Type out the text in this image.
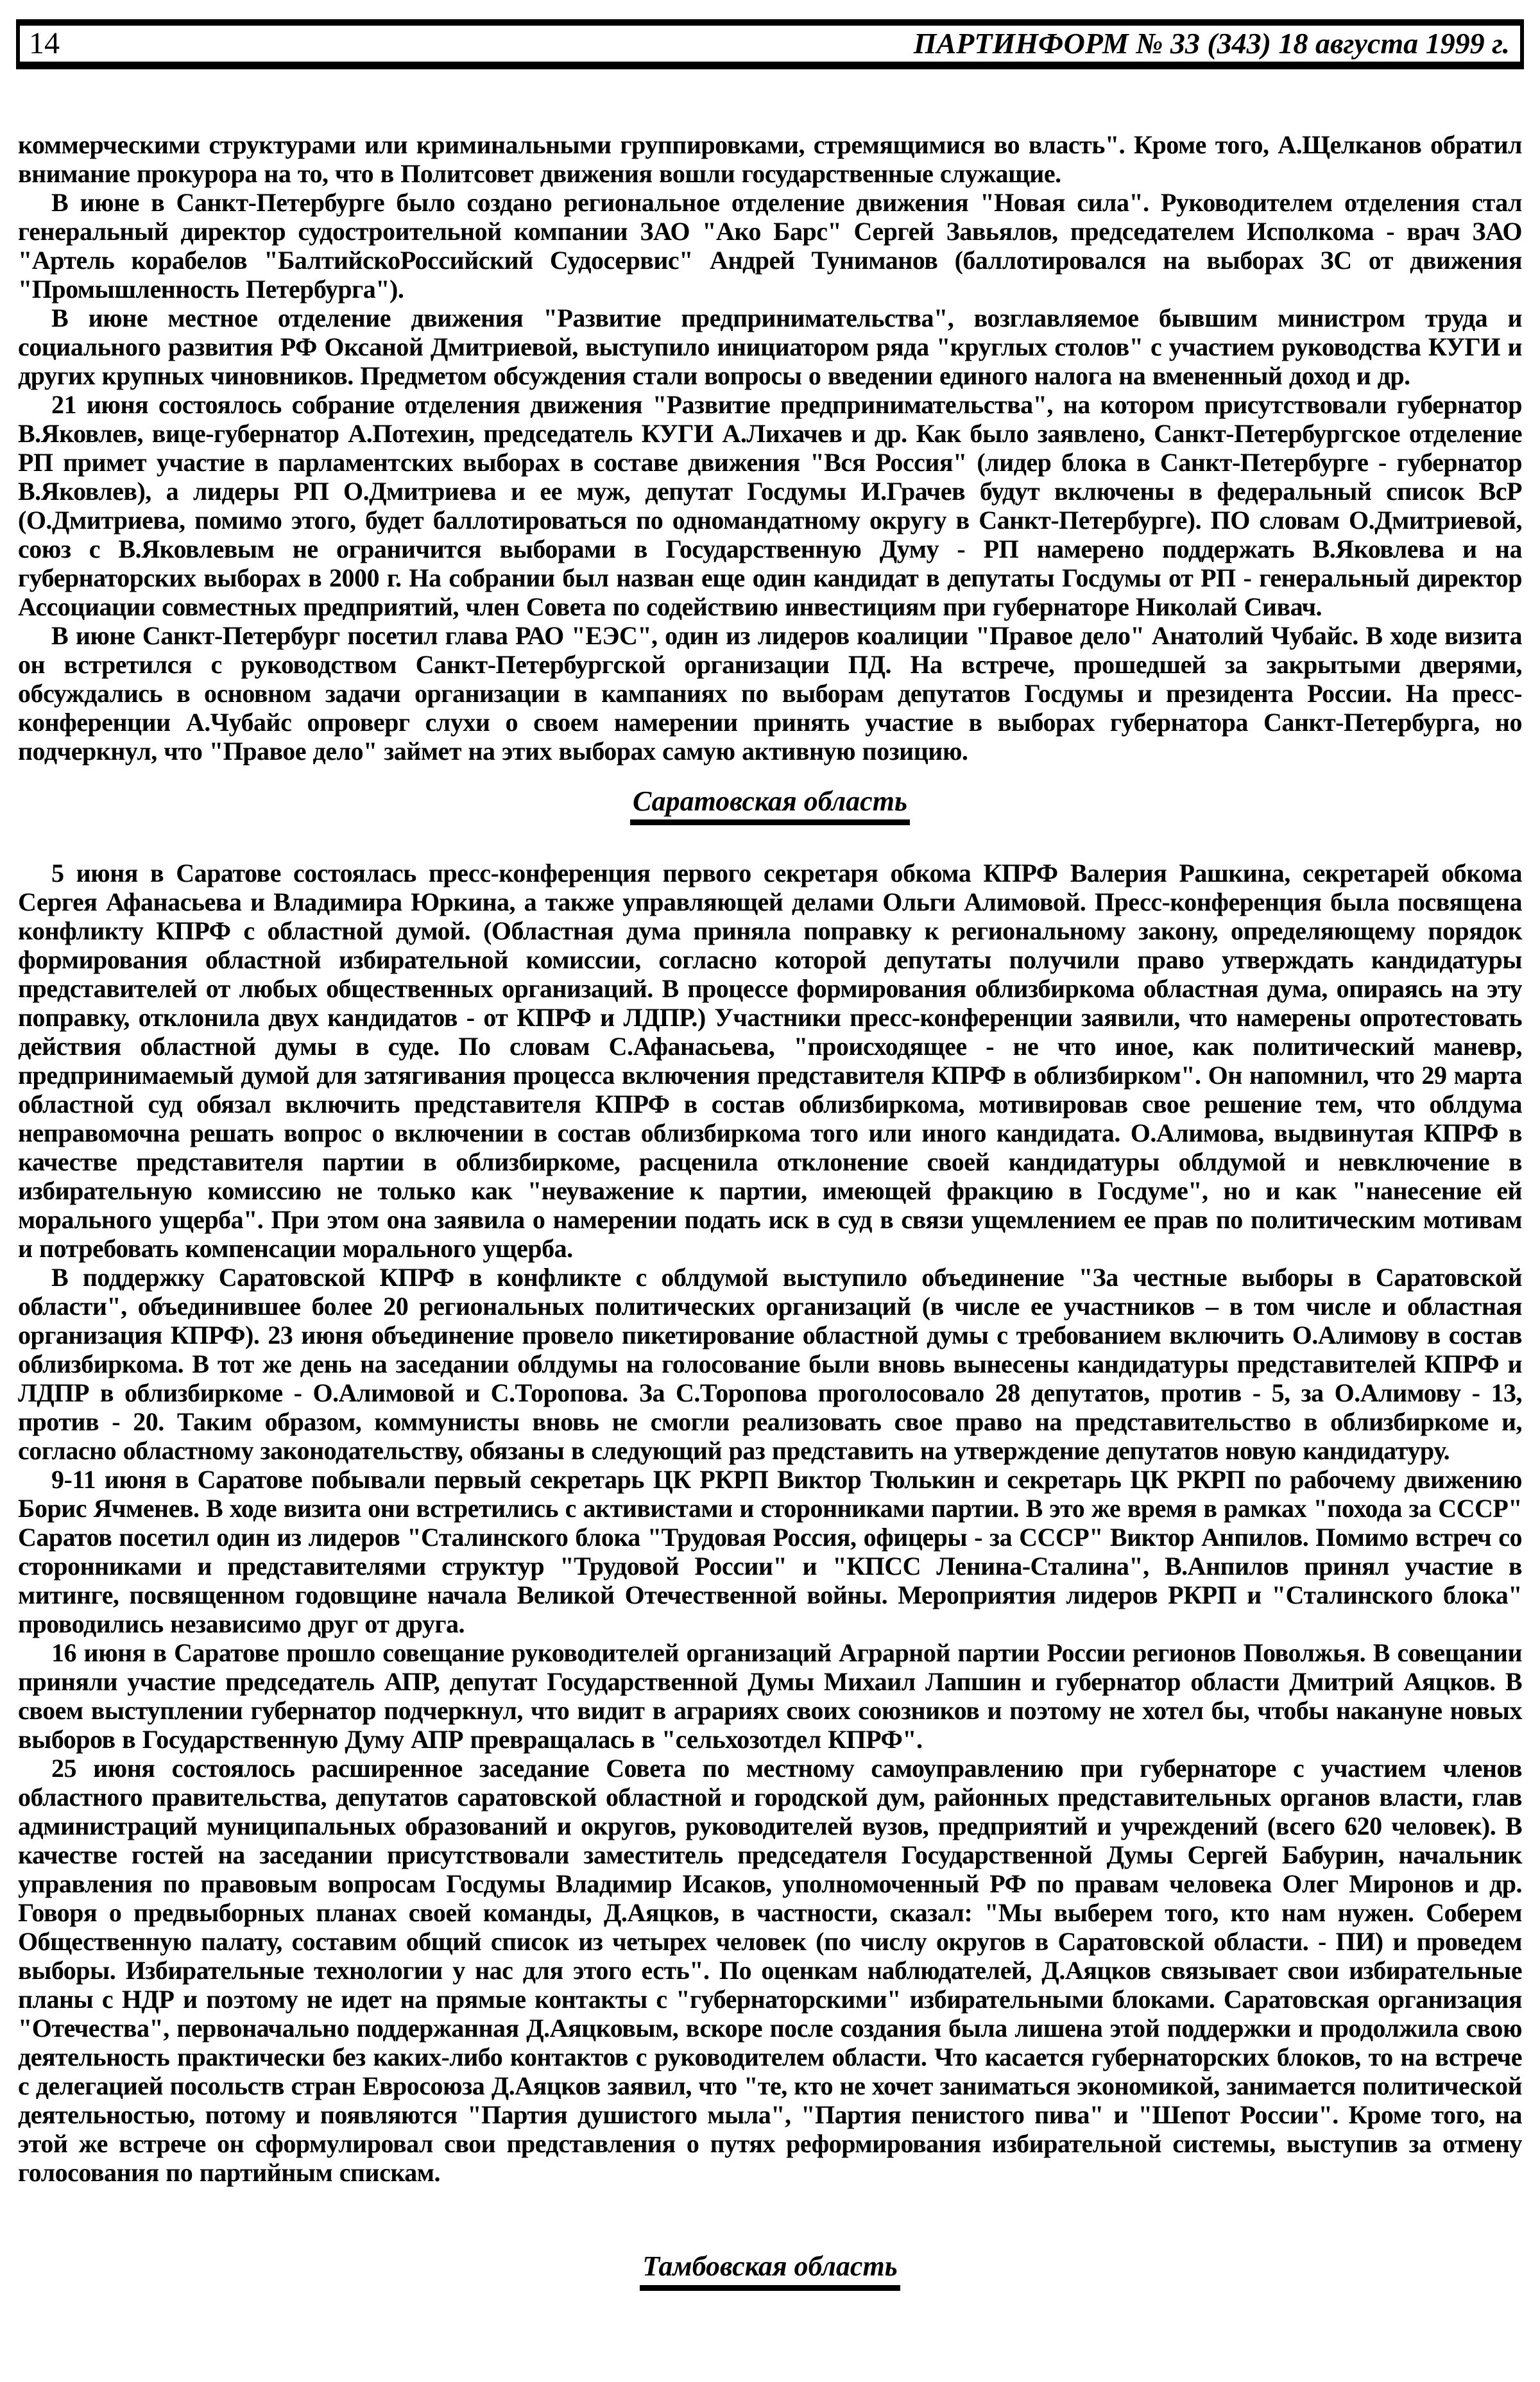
14	ПАРТИНФОРМ № 33 (343) 18 августа 1999 г.

коммерческими структурами или криминальными группировками, стремящимися во власть". Кроме того, А.Щелканов обратил внимание прокурора на то, что в Политсовет движения вошли государственные служащие.

В июне в Санкт-Петербурге было создано региональное отделение движения "Новая сила". Руководителем отделения стал генеральный директор судостроительной компании ЗАО "Ако Барс" Сергей Завьялов, председателем Исполкома - врач ЗАО "Артель корабелов "БалтийскоРоссийский Судосервис" Андрей Туниманов (баллотировался на выборах ЗС от движения "Промышленность Петербурга").

В июне местное отделение движения "Развитие предпринимательства", возглавляемое бывшим министром труда и социального развития РФ Оксаной Дмитриевой, выступило инициатором ряда "круглых столов" с участием руководства КУГИ и других крупных чиновников. Предметом обсуждения стали вопросы о введении единого налога на вмененный доход и др.

21 июня состоялось собрание отделения движения "Развитие предпринимательства", на котором присутствовали губернатор В.Яковлев, вице-губернатор А.Потехин, председатель КУГИ А.Лихачев и др. Как было заявлено, Санкт-Петербургское отделение РП примет участие в парламентских выборах в составе движения "Вся Россия" (лидер блока в Санкт-Петербурге - губернатор В.Яковлев), а лидеры РП О.Дмитриева и ее муж, депутат Госдумы И.Грачев будут включены в федеральный список ВсР (О.Дмитриева, помимо этого, будет баллотироваться по одномандатному округу в Санкт-Петербурге). ПО словам О.Дмитриевой, союз с В.Яковлевым не ограничится выборами в Государственную Думу - РП намерено поддержать В.Яковлева и на губернаторских выборах в 2000 г. На собрании был назван еще один кандидат в депутаты Госдумы от РП - генеральный директор Ассоциации совместных предприятий, член Совета по содействию инвестициям при губернаторе Николай Сивач.

В июне Санкт-Петербург посетил глава РАО "ЕЭС", один из лидеров коалиции "Правое дело" Анатолий Чубайс. В ходе визита он встретился с руководством Санкт-Петербургской организации ПД. На встрече, прошедшей за закрытыми дверями, обсуждались в основном задачи организации в кампаниях по выборам депутатов Госдумы и президента России. На пресс-конференции А.Чубайс опроверг слухи о своем намерении принять участие в выборах губернатора Санкт-Петербурга, но подчеркнул, что "Правое дело" займет на этих выборах самую активную позицию.

Саратовская область

5 июня в Саратове состоялась пресс-конференция первого секретаря обкома КПРФ Валерия Рашкина, секретарей обкома Сергея Афанасьева и Владимира Юркина, а также управляющей делами Ольги Алимовой. Пресс-конференция была посвящена конфликту КПРФ с областной думой. (Областная дума приняла поправку к региональному закону, определяющему порядок формирования областной избирательной комиссии, согласно которой депутаты получили право утверждать кандидатуры представителей от любых общественных организаций. В процессе формирования облизбиркома областная дума, опираясь на эту поправку, отклонила двух кандидатов - от КПРФ и ЛДПР.) Участники пресс-конференции заявили, что намерены опротестовать действия областной думы в суде. По словам С.Афанасьева, "происходящее - не что иное, как политический маневр, предпринимаемый думой для затягивания процесса включения представителя КПРФ в облизбирком". Он напомнил, что 29 марта областной суд обязал включить представителя КПРФ в состав облизбиркома, мотивировав свое решение тем, что облдума неправомочна решать вопрос о включении в состав облизбиркома того или иного кандидата. О.Алимова, выдвинутая КПРФ в качестве представителя партии в облизбиркоме, расценила отклонение своей кандидатуры облдумой и невключение в избирательную комиссию не только как "неуважение к партии, имеющей фракцию в Госдуме", но и как "нанесение ей морального ущерба". При этом она заявила о намерении подать иск в суд в связи ущемлением ее прав по политическим мотивам и потребовать компенсации морального ущерба.

В поддержку Саратовской КПРФ в конфликте с облдумой выступило объединение "За честные выборы в Саратовской области", объединившее более 20 региональных политических организаций (в числе ее участников – в том числе и областная организация КПРФ). 23 июня объединение провело пикетирование областной думы с требованием включить О.Алимову в состав облизбиркома. В тот же день на заседании облдумы на голосование были вновь вынесены кандидатуры представителей КПРФ и ЛДПР в облизбиркоме - О.Алимовой и С.Торопова. За С.Торопова проголосовало 28 депутатов, против - 5, за О.Алимову - 13, против - 20. Таким образом, коммунисты вновь не смогли реализовать свое право на представительство в облизбиркоме и, согласно областному законодательству, обязаны в следующий раз представить на утверждение депутатов новую кандидатуру.

9-11 июня в Саратове побывали первый секретарь ЦК РКРП Виктор Тюлькин и секретарь ЦК РКРП по рабочему движению Борис Ячменев. В ходе визита они встретились с активистами и сторонниками партии. В это же время в рамках "похода за СССР" Саратов посетил один из лидеров "Сталинского блока "Трудовая Россия, офицеры - за СССР" Виктор Анпилов. Помимо встреч со сторонниками и представителями структур "Трудовой России" и "КПСС Ленина-Сталина", В.Анпилов принял участие в митинге, посвященном годовщине начала Великой Отечественной войны. Мероприятия лидеров РКРП и "Сталинского блока" проводились независимо друг от друга.

16 июня в Саратове прошло совещание руководителей организаций Аграрной партии России регионов Поволжья. В совещании приняли участие председатель АПР, депутат Государственной Думы Михаил Лапшин и губернатор области Дмитрий Аяцков. В своем выступлении губернатор подчеркнул, что видит в аграриях своих союзников и поэтому не хотел бы, чтобы накануне новых выборов в Государственную Думу АПР превращалась в "сельхозотдел КПРФ".

25 июня состоялось расширенное заседание Совета по местному самоуправлению при губернаторе с участием членов областного правительства, депутатов саратовской областной и городской дум, районных представительных органов власти, глав администраций муниципальных образований и округов, руководителей вузов, предприятий и учреждений (всего 620 человек). В качестве гостей на заседании присутствовали заместитель председателя Государственной Думы Сергей Бабурин, начальник управления по правовым вопросам Госдумы Владимир Исаков, уполномоченный РФ по правам человека Олег Миронов и др. Говоря о предвыборных планах своей команды, Д.Аяцков, в частности, сказал: "Мы выберем того, кто нам нужен. Соберем Общественную палату, составим общий список из четырех человек (по числу округов в Саратовской области. - ПИ) и проведем выборы. Избирательные технологии у нас для этого есть". По оценкам наблюдателей, Д.Аяцков связывает свои избирательные планы с НДР и поэтому не идет на прямые контакты с "губернаторскими" избирательными блоками. Саратовская организация "Отечества", первоначально поддержанная Д.Аяцковым, вскоре после создания была лишена этой поддержки и продолжила свою деятельность практически без каких-либо контактов с руководителем области. Что касается губернаторских блоков, то на встрече с делегацией посольств стран Евросоюза Д.Аяцков заявил, что "те, кто не хочет заниматься экономикой, занимается политической деятельностью, потому и появляются "Партия душистого мыла", "Партия пенистого пива" и "Шепот России". Кроме того, на этой же встрече он сформулировал свои представления о путях реформирования избирательной системы, выступив за отмену голосования по партийным спискам.

Тамбовская область
